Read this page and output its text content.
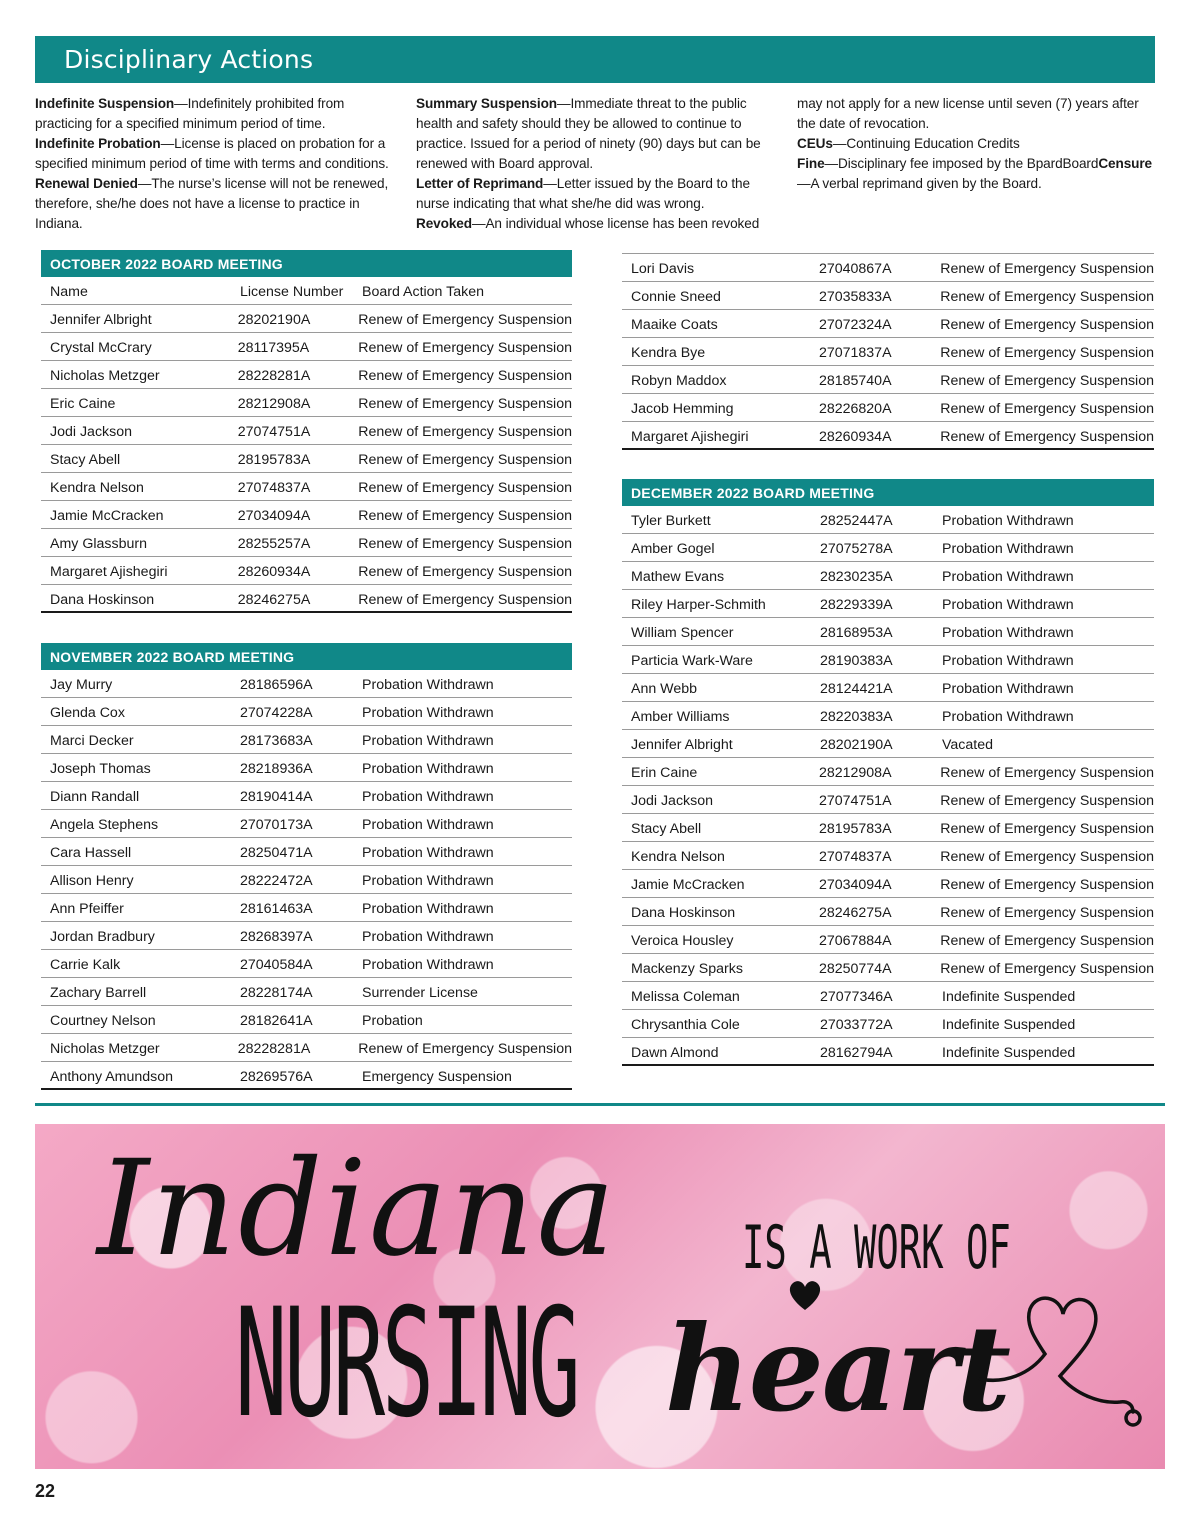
Disciplinary Actions

Indefinite Suspension—Indefinitely prohibited from practicing for a specified minimum period of time.

Indefinite Probation—License is placed on probation for a specified minimum period of time with terms and conditions.

Renewal Denied—The nurse’s license will not be renewed, therefore, she/he does not have a license to practice in Indiana.

Summary Suspension—Immediate threat to the public health and safety should they be allowed to continue to practice. Issued for a period of ninety (90) days but can be renewed with Board approval.

Letter of Reprimand—Letter issued by the Board to the nurse indicating that what she/he did was wrong.

Revoked—An individual whose license has been revoked

may not apply for a new license until seven (7) years after the date of revocation.

CEUs—Continuing Education Credits

Fine—Disciplinary fee imposed by the BpardBoardCensure—A verbal reprimand given by the Board.

OCTOBER 2022 BOARD MEETING
Name	License Number	Board Action Taken
Jennifer Albright	28202190A	Renew of Emergency Suspension
Crystal McCrary	28117395A	Renew of Emergency Suspension
Nicholas Metzger	28228281A	Renew of Emergency Suspension
Eric Caine	28212908A	Renew of Emergency Suspension
Jodi Jackson	27074751A	Renew of Emergency Suspension
Stacy Abell	28195783A	Renew of Emergency Suspension
Kendra Nelson	27074837A	Renew of Emergency Suspension
Jamie McCracken	27034094A	Renew of Emergency Suspension
Amy Glassburn	28255257A	Renew of Emergency Suspension
Margaret Ajishegiri	28260934A	Renew of Emergency Suspension
Dana Hoskinson	28246275A	Renew of Emergency Suspension
NOVEMBER 2022 BOARD MEETING
Jay Murry	28186596A	Probation Withdrawn
Glenda Cox	27074228A	Probation Withdrawn
Marci Decker	28173683A	Probation Withdrawn
Joseph Thomas	28218936A	Probation Withdrawn
Diann Randall	28190414A	Probation Withdrawn
Angela Stephens	27070173A	Probation Withdrawn
Cara Hassell	28250471A	Probation Withdrawn
Allison Henry	28222472A	Probation Withdrawn
Ann Pfeiffer	28161463A	Probation Withdrawn
Jordan Bradbury	28268397A	Probation Withdrawn
Carrie Kalk	27040584A	Probation Withdrawn
Zachary Barrell	28228174A	Surrender License
Courtney Nelson	28182641A	Probation
Nicholas Metzger	28228281A	Renew of Emergency Suspension
Anthony Amundson	28269576A	Emergency Suspension
Lori Davis	27040867A	Renew of Emergency Suspension
Connie Sneed	27035833A	Renew of Emergency Suspension
Maaike Coats	27072324A	Renew of Emergency Suspension
Kendra Bye	27071837A	Renew of Emergency Suspension
Robyn Maddox	28185740A	Renew of Emergency Suspension
Jacob Hemming	28226820A	Renew of Emergency Suspension
Margaret Ajishegiri	28260934A	Renew of Emergency Suspension
DECEMBER 2022 BOARD MEETING
Tyler Burkett	28252447A	Probation Withdrawn
Amber Gogel	27075278A	Probation Withdrawn
Mathew Evans	28230235A	Probation Withdrawn
Riley Harper-Schmith	28229339A	Probation Withdrawn
William Spencer	28168953A	Probation Withdrawn
Particia Wark-Ware	28190383A	Probation Withdrawn
Ann Webb	28124421A	Probation Withdrawn
Amber Williams	28220383A	Probation Withdrawn
Jennifer Albright	28202190A	Vacated
Erin Caine	28212908A	Renew of Emergency Suspension
Jodi Jackson	27074751A	Renew of Emergency Suspension
Stacy Abell	28195783A	Renew of Emergency Suspension
Kendra Nelson	27074837A	Renew of Emergency Suspension
Jamie McCracken	27034094A	Renew of Emergency Suspension
Dana Hoskinson	28246275A	Renew of Emergency Suspension
Veroica Housley	27067884A	Renew of Emergency Suspension
Mackenzy Sparks	28250774A	Renew of Emergency Suspension
Melissa Coleman	27077346A	Indefinite Suspended
Chrysanthia Cole	27033772A	Indefinite Suspended
Dawn Almond	28162794A	Indefinite Suspended
Indiana
NURSING
IS A WORK OF
heart
22
